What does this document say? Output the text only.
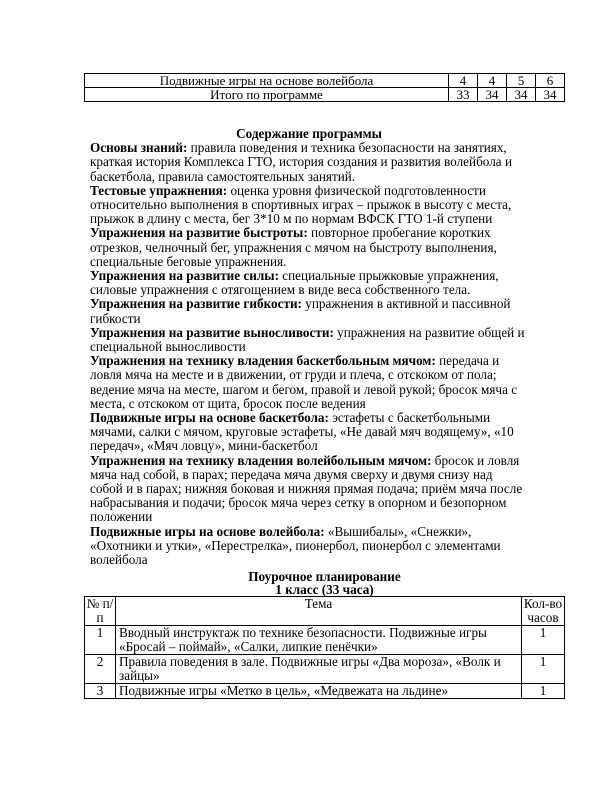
Подвижные игры на основе волейбола	4	4	5	6
Итого по программе	33	34	34	34
Содержание программы

Основы знаний: правила поведения и техника безопасности на занятиях, краткая история Комплекса ГТО, история создания и развития волейбола и баскетбола, правила самостоятельных занятий.

Тестовые упражнения: оценка уровня физической подготовленности относительно выполнения в спортивных играх – прыжок в высоту с места, прыжок в длину с места, бег 3*10 м по нормам ВФСК ГТО 1-й ступени

Упражнения на развитие быстроты: повторное пробегание коротких отрезков, челночный бег, упражнения с мячом на быстроту выполнения, специальные беговые упражнения.

Упражнения на развитие силы: специальные прыжковые упражнения, силовые упражнения с отягощением в виде веса собственного тела.

Упражнения на развитие гибкости: упражнения в активной и пассивной гибкости

Упражнения на развитие выносливости: упражнения на развитие общей и специальной выносливости

Упражнения на технику владения баскетбольным мячом: передача и ловля мяча на месте и в движении, от груди и плеча, с отскоком от пола; ведение мяча на месте, шагом и бегом, правой и левой рукой; бросок мяча с места, с отскоком от щита, бросок после ведения

Подвижные игры на основе баскетбола: эстафеты с баскетбольными мячами, салки с мячом, круговые эстафеты, «Не давай мяч водящему», «10 передач», «Мяч ловцу», мини-баскетбол

Упражнения на технику владения волейбольным мячом: бросок и ловля мяча над собой, в парах; передача мяча двумя сверху и двумя снизу над собой и в парах; нижняя боковая и нижняя прямая подача; приём мяча после набрасывания и подачи; бросок мяча через сетку в опорном и безопорном положении

Подвижные игры на основе волейбола: «Вышибалы», «Снежки», «Охотники и утки», «Перестрелка», пионербол, пионербол с элементами волейбола

Поурочное планирование
1 класс (33 часа)
№ п/п	Тема	Кол-во часов
1	Вводный инструктаж по технике безопасности. Подвижные игры «Бросай – поймай», «Салки, липкие пенёчки»	1
2	Правила поведения в зале. Подвижные игры «Два мороза», «Волк и зайцы»	1
3	Подвижные игры «Метко в цель», «Медвежата на льдине»	1
